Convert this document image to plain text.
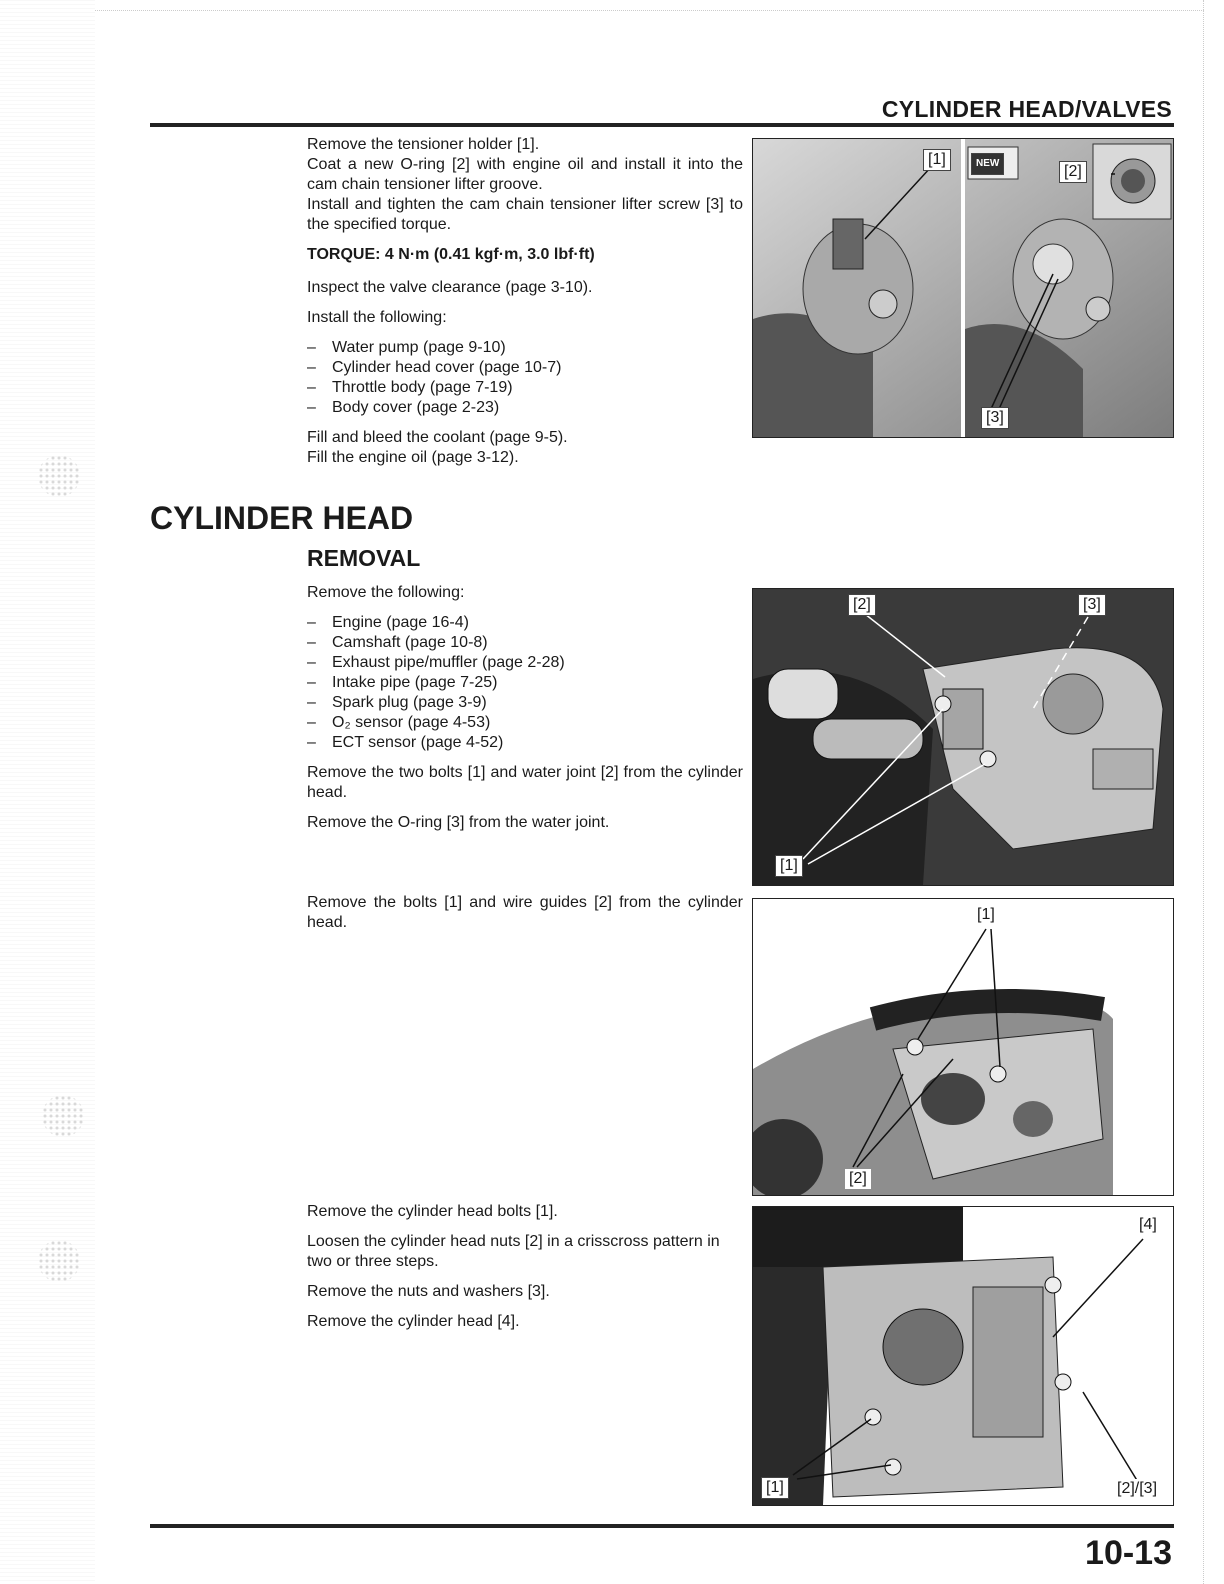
CYLINDER HEAD/VALVES

Remove the tensioner holder [1].

Coat a new O-ring [2] with engine oil and install it into the cam chain tensioner lifter groove.

Install and tighten the cam chain tensioner lifter screw [3] to the specified torque.

TORQUE: 4 N·m (0.41 kgf·m, 3.0 lbf·ft)

Inspect the valve clearance (page 3-10).

Install the following:

– Water pump (page 9-10)
– Cylinder head cover (page 10-7)
– Throttle body (page 7-19)
– Body cover (page 2-23)

Fill and bleed the coolant (page 9-5).

Fill the engine oil (page 3-12).

[1]	NEW	[2]
[3]
CYLINDER HEAD
REMOVAL

Remove the following:

– Engine (page 16-4)
– Camshaft (page 10-8)
– Exhaust pipe/muffler (page 2-28)
– Intake pipe (page 7-25)
– Spark plug (page 3-9)
– O₂ sensor (page 4-53)
– ECT sensor (page 4-52)

Remove the two bolts [1] and water joint [2] from the cylinder head.

Remove the O-ring [3] from the water joint.

[2]	[3]
[1]

Remove the bolts [1] and wire guides [2] from the cylinder head.	[1]
[2]

Remove the cylinder head bolts [1].

Loosen the cylinder head nuts [2] in a crisscross pattern in two or three steps.

Remove the nuts and washers [3].

Remove the cylinder head [4].

[4]
[1]	[2]/[3]
10-13
